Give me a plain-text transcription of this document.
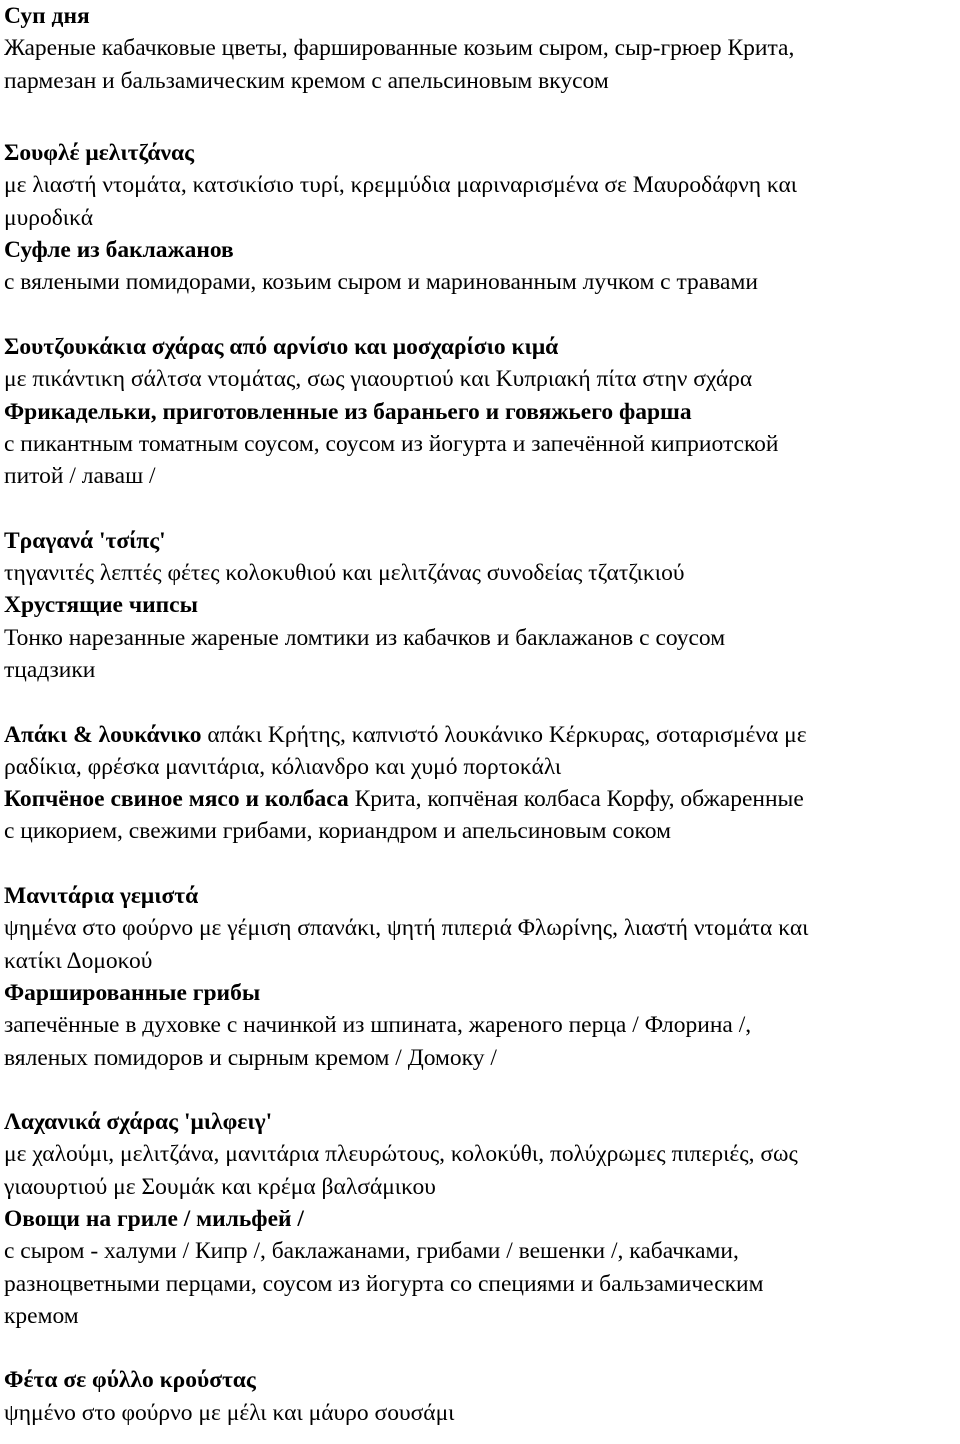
Суп дня
Жареные кабачковые цветы, фаршированные козьим сыром, сыр-грюер Крита,
пармезан и бальзамическим кремом с апельсиновым вкусом
Σουφλέ μελιτζάνας
με λιαστή ντομάτα, κατσικίσιο τυρί, κρεμμύδια μαριναρισμένα σε Μαυροδάφνη και
μυροδικά
Суфле из баклажанов
с вялеными помидорами, козьим сыром и маринованным лучком с травами
Σουτζουκάκια σχάρας από αρνίσιο και μοσχαρίσιο κιμά
με πικάντικη σάλτσα ντομάτας, σως γιαουρτιού και Κυπριακή πίτα στην σχάρα
Фрикадельки, приготовленные из бараньего и говяжьего фарша
с пикантным томатным соусом, соусом из йогурта и запечённой киприотской
питой / лаваш /
Τραγανά 'τσίπς'
τηγανιτές λεπτές φέτες κολοκυθιού και μελιτζάνας συνοδείας τζατζικιού
Хрустящие чипсы
Тонко нарезанные жареные ломтики из кабачков и баклажанов с соусом
тцадзики
Απάκι & λουκάνικο απάκι Κρήτης, καπνιστό λουκάνικο Κέρκυρας, σοταρισμένα με
ραδίκια, φρέσκα μανιτάρια, κόλιανδρο και χυμό πορτοκάλι
Копчёное свиное мясо и колбаса Крита, копчёная колбаса Корфу, обжаренные
с цикорием, свежими грибами, кориандром и апельсиновым соком
Μανιτάρια γεμιστά
ψημένα στο φούρνο με γέμιση σπανάκι, ψητή πιπεριά Φλωρίνης, λιαστή ντομάτα και
κατίκι Δομοκού
Фаршированные грибы
запечённые в духовке с начинкой из шпината, жареного перца / Флорина /,
вяленых помидоров и сырным кремом / Домоку /
Λαχανικά σχάρας 'μιλφειγ'
με χαλούμι, μελιτζάνα, μανιτάρια πλευρώτους, κολοκύθι, πολύχρωμες πιπεριές, σως
γιαουρτιού με Σουμάκ και κρέμα βαλσάμικου
Овощи на гриле / мильфей /
с сыром - халуми / Кипр /, баклажанами, грибами / вешенки /, кабачками,
разноцветными перцами, соусом из йогурта со специями и бальзамическим
кремом
Φέτα σε φύλλο κρούστας
ψημένο στο φούρνο με μέλι και μάυρο σουσάμι
